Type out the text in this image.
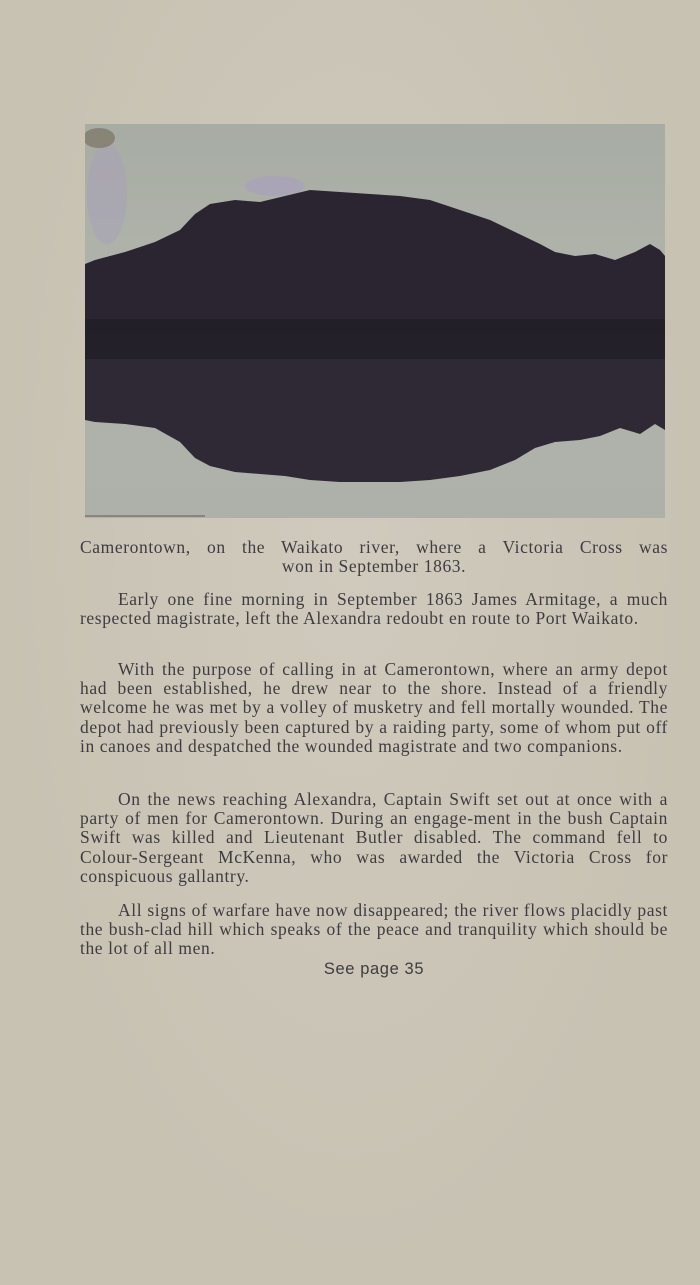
Camerontown, on the Waikato river, where a Victoria Cross was

won in September 1863.

Early one fine morning in September 1863 James Armitage, a much respected magistrate, left the Alexandra redoubt en route to Port Waikato.

With the purpose of calling in at Camerontown, where an army depot had been established, he drew near to the shore. Instead of a friendly welcome he was met by a volley of musketry and fell mortally wounded. The depot had previously been captured by a raiding party, some of whom put off in canoes and despatched the wounded magistrate and two companions.

On the news reaching Alexandra, Captain Swift set out at once with a party of men for Camerontown. During an engage-ment in the bush Captain Swift was killed and Lieutenant Butler disabled. The command fell to Colour-Sergeant McKenna, who was awarded the Victoria Cross for conspicuous gallantry.

All signs of warfare have now disappeared; the river flows placidly past the bush-clad hill which speaks of the peace and tranquility which should be the lot of all men.

See page 35
